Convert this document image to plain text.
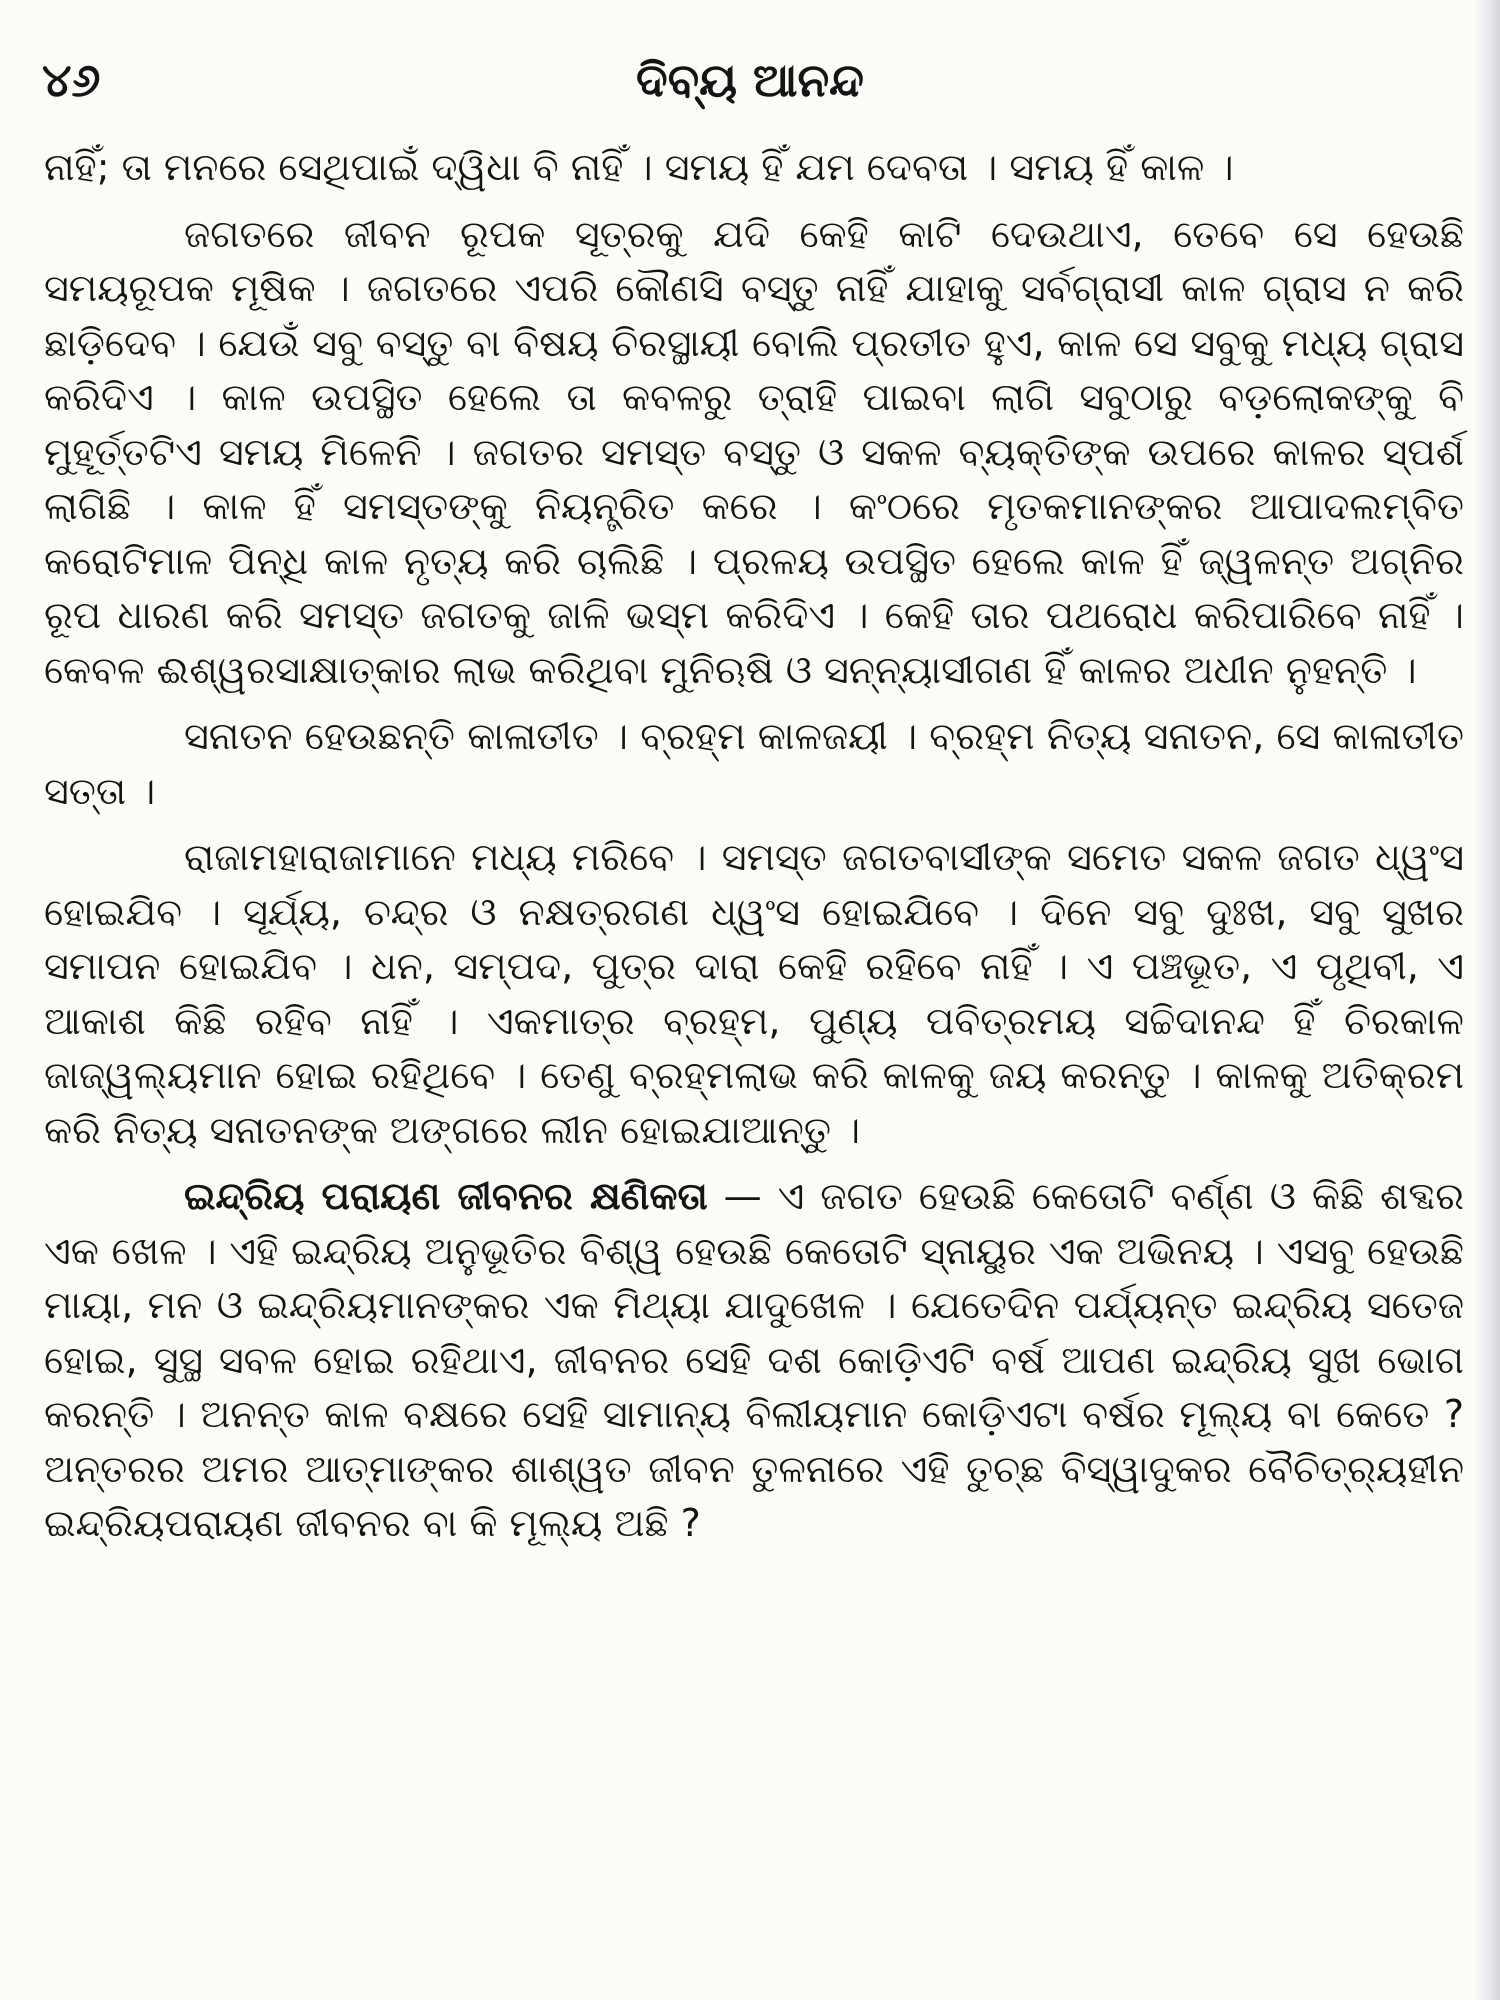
୪୬	ଦିବ୍ୟ ଆନନ୍ଦ

ନାହିଁ; ତା ମନରେ ସେଥିପାଇଁ ଦ୍ୱିଧା ବି ନାହିଁ । ସମୟ ହିଁ ଯମ ଦେବତା । ସମୟ ହିଁ କାଳ ।

ଜଗତରେ ଜୀବନ ରୂପକ ସୂତ୍ରକୁ ଯଦି କେହି କାଟି ଦେଉଥାଏ, ତେବେ ସେ ହେଉଛି ସମୟରୂପକ ମୂଷିକ । ଜଗତରେ ଏପରି କୌଣସି ବସ୍ତୁ ନାହିଁ ଯାହାକୁ ସର୍ବଗ୍ରାସୀ କାଳ ଗ୍ରାସ ନ କରି ଛାଡ଼ିଦେବ । ଯେଉଁ ସବୁ ବସ୍ତୁ ବା ବିଷୟ ଚିରସ୍ଥାୟୀ ବୋଲି ପ୍ରତୀତ ହୁଏ, କାଳ ସେ ସବୁକୁ ମଧ୍ୟ ଗ୍ରାସ କରିଦିଏ । କାଳ ଉପସ୍ଥିତ ହେଲେ ତା କବଳରୁ ତ୍ରାହି ପାଇବା ଲାଗି ସବୁଠାରୁ ବଡ଼ଲୋକଙ୍କୁ ବି ମୁହୂର୍ତ୍ତଟିଏ ସମୟ ମିଳେନି । ଜଗତର ସମସ୍ତ ବସ୍ତୁ ଓ ସକଳ ବ୍ୟକ୍ତିଙ୍କ ଉପରେ କାଳର ସ୍ପର୍ଶ ଲାଗିଛି । କାଳ ହିଁ ସମସ୍ତଙ୍କୁ ନିୟନ୍ତ୍ରିତ କରେ । କଂଠରେ ମୃତକମାନଙ୍କର ଆପାଦଲମ୍ବିତ କରୋଟିମାଳ ପିନ୍ଧି କାଳ ନୃତ୍ୟ କରି ଚାଲିଛି । ପ୍ରଳୟ ଉପସ୍ଥିତ ହେଲେ କାଳ ହିଁ ଜ୍ୱଳନ୍ତ ଅଗ୍ନିର ରୂପ ଧାରଣ କରି ସମସ୍ତ ଜଗତକୁ ଜାଳି ଭସ୍ମ କରିଦିଏ । କେହି ତାର ପଥରୋଧ କରିପାରିବେ ନାହିଁ । କେବଳ ଈଶ୍ୱରସାକ୍ଷାତ୍‌କାର ଲାଭ କରିଥିବା ମୁନିଋଷି ଓ ସନ୍ନ୍ୟାସୀଗଣ ହିଁ କାଳର ଅଧୀନ ନୁହନ୍ତି ।

ସନାତନ ହେଉଛନ୍ତି କାଳାତୀତ । ବ୍ରହ୍ମ କାଳଜୟୀ । ବ୍ରହ୍ମ ନିତ୍ୟ ସନାତନ, ସେ କାଳାତୀତ ସତ୍ତା ।

ରାଜାମହାରାଜାମାନେ ମଧ୍ୟ ମରିବେ । ସମସ୍ତ ଜଗତବାସୀଙ୍କ ସମେତ ସକଳ ଜଗତ ଧ୍ୱଂସ ହୋଇଯିବ । ସୂର୍ଯ୍ୟ, ଚନ୍ଦ୍ର ଓ ନକ୍ଷତ୍ରଗଣ ଧ୍ୱଂସ ହୋଇଯିବେ । ଦିନେ ସବୁ ଦୁଃଖ, ସବୁ ସୁଖର ସମାପନ ହୋଇଯିବ । ଧନ, ସମ୍ପଦ, ପୁତ୍ର ଦାରା କେହି ରହିବେ ନାହିଁ । ଏ ପଞ୍ଚଭୂତ, ଏ ପୃଥିବୀ, ଏ ଆକାଶ କିଛି ରହିବ ନାହିଁ । ଏକମାତ୍ର ବ୍ରହ୍ମ, ପୁଣ୍ୟ ପବିତ୍ରମୟ ସଚ୍ଚିଦାନନ୍ଦ ହିଁ ଚିରକାଳ ଜାଜ୍ୱଲ୍ୟମାନ ହୋଇ ରହିଥିବେ । ତେଣୁ ବ୍ରହ୍ମଲାଭ କରି କାଳକୁ ଜୟ କରନ୍ତୁ । କାଳକୁ ଅତିକ୍ରମ କରି ନିତ୍ୟ ସନାତନଙ୍କ ଅଙ୍ଗରେ ଲୀନ ହୋଇଯାଆନ୍ତୁ ।

ଇନ୍ଦ୍ରିୟ ପରାୟଣ ଜୀବନର କ୍ଷଣିକତା — ଏ ଜଗତ ହେଉଛି କେତୋଟି ବର୍ଣ୍ଣ ଓ କିଛି ଶବ୍ଦର ଏକ ଖେଳ । ଏହି ଇନ୍ଦ୍ରିୟ ଅନୁଭୂତିର ବିଶ୍ୱ ହେଉଛି କେତୋଟି ସ୍ନାୟୁର ଏକ ଅଭିନୟ । ଏସବୁ ହେଉଛି ମାୟା, ମନ ଓ ଇନ୍ଦ୍ରିୟମାନଙ୍କର ଏକ ମିଥ୍ୟା ଯାଦୁଖେଳ । ଯେତେଦିନ ପର୍ଯ୍ୟନ୍ତ ଇନ୍ଦ୍ରିୟ ସତେଜ ହୋଇ, ସୁସ୍ଥ ସବଳ ହୋଇ ରହିଥାଏ, ଜୀବନର ସେହି ଦଶ କୋଡ଼ିଏଟି ବର୍ଷ ଆପଣ ଇନ୍ଦ୍ରିୟ ସୁଖ ଭୋଗ କରନ୍ତି । ଅନନ୍ତ କାଳ ବକ୍ଷରେ ସେହି ସାମାନ୍ୟ ବିଲୀୟମାନ କୋଡ଼ିଏଟା ବର୍ଷର ମୂଲ୍ୟ ବା କେତେ ? ଅନ୍ତରର ଅମର ଆତ୍ମାଙ୍କର ଶାଶ୍ୱତ ଜୀବନ ତୁଳନାରେ ଏହି ତୁଚ୍ଛ ବିସ୍ୱାଦୁକର ବୈଚିତ୍ର୍ୟହୀନ ଇନ୍ଦ୍ରିୟପରାୟଣ ଜୀବନର ବା କି ମୂଲ୍ୟ ଅଛି ?
